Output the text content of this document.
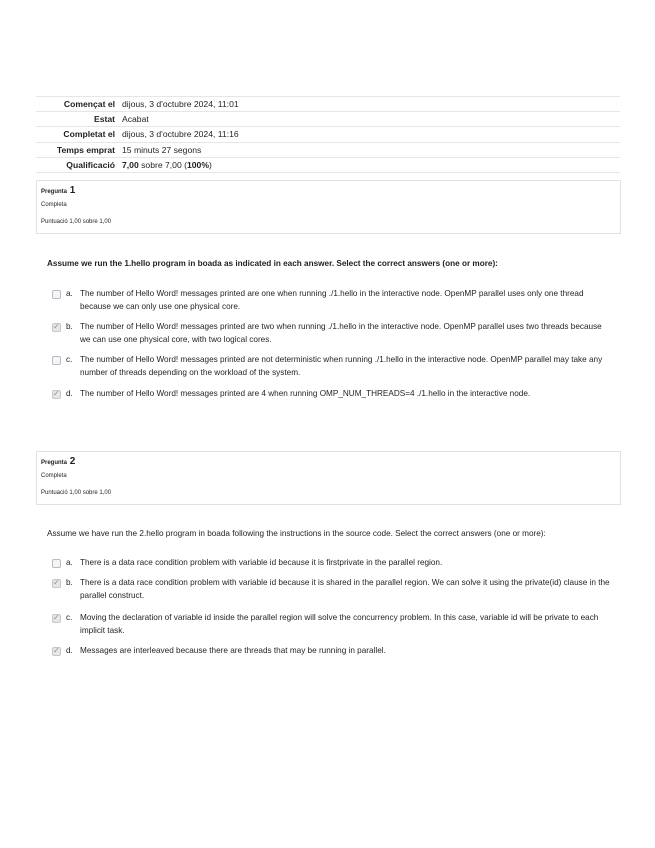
Començat el	dijous, 3 d'octubre 2024, 11:01
Estat	Acabat
Completat el	dijous, 3 d'octubre 2024, 11:16
Temps emprat	15 minuts 27 segons
Qualificació	7,00 sobre 7,00 (100%)
Pregunta 1
Completa
Puntuació 1,00 sobre 1,00
Assume we run the 1.hello program in boada as indicated in each answer. Select the correct answers (one or more):
a. The number of Hello Word! messages printed are one when running ./1.hello in the interactive node. OpenMP parallel uses only one thread because we can only use one physical core.
✓
b. The number of Hello Word! messages printed are two when running ./1.hello in the interactive node. OpenMP parallel uses two threads because we can use one physical core, with two logical cores.
c. The number of Hello Word! messages printed are not deterministic when running ./1.hello in the interactive node. OpenMP parallel may take any number of threads depending on the workload of the system.
✓
d. The number of Hello Word! messages printed are 4 when running OMP_NUM_THREADS=4 ./1.hello in the interactive node.
Pregunta 2
Completa
Puntuació 1,00 sobre 1,00
Assume we have run the 2.hello program in boada following the instructions in the source code. Select the correct answers (one or more):
a. There is a data race condition problem with variable id because it is firstprivate in the parallel region.
✓
b. There is a data race condition problem with variable id because it is shared in the parallel region. We can solve it using the private(id) clause in the parallel construct.
✓
c. Moving the declaration of variable id inside the parallel region will solve the concurrency problem. In this case, variable id will be private to each implicit task.
✓
d. Messages are interleaved because there are threads that may be running in parallel.
